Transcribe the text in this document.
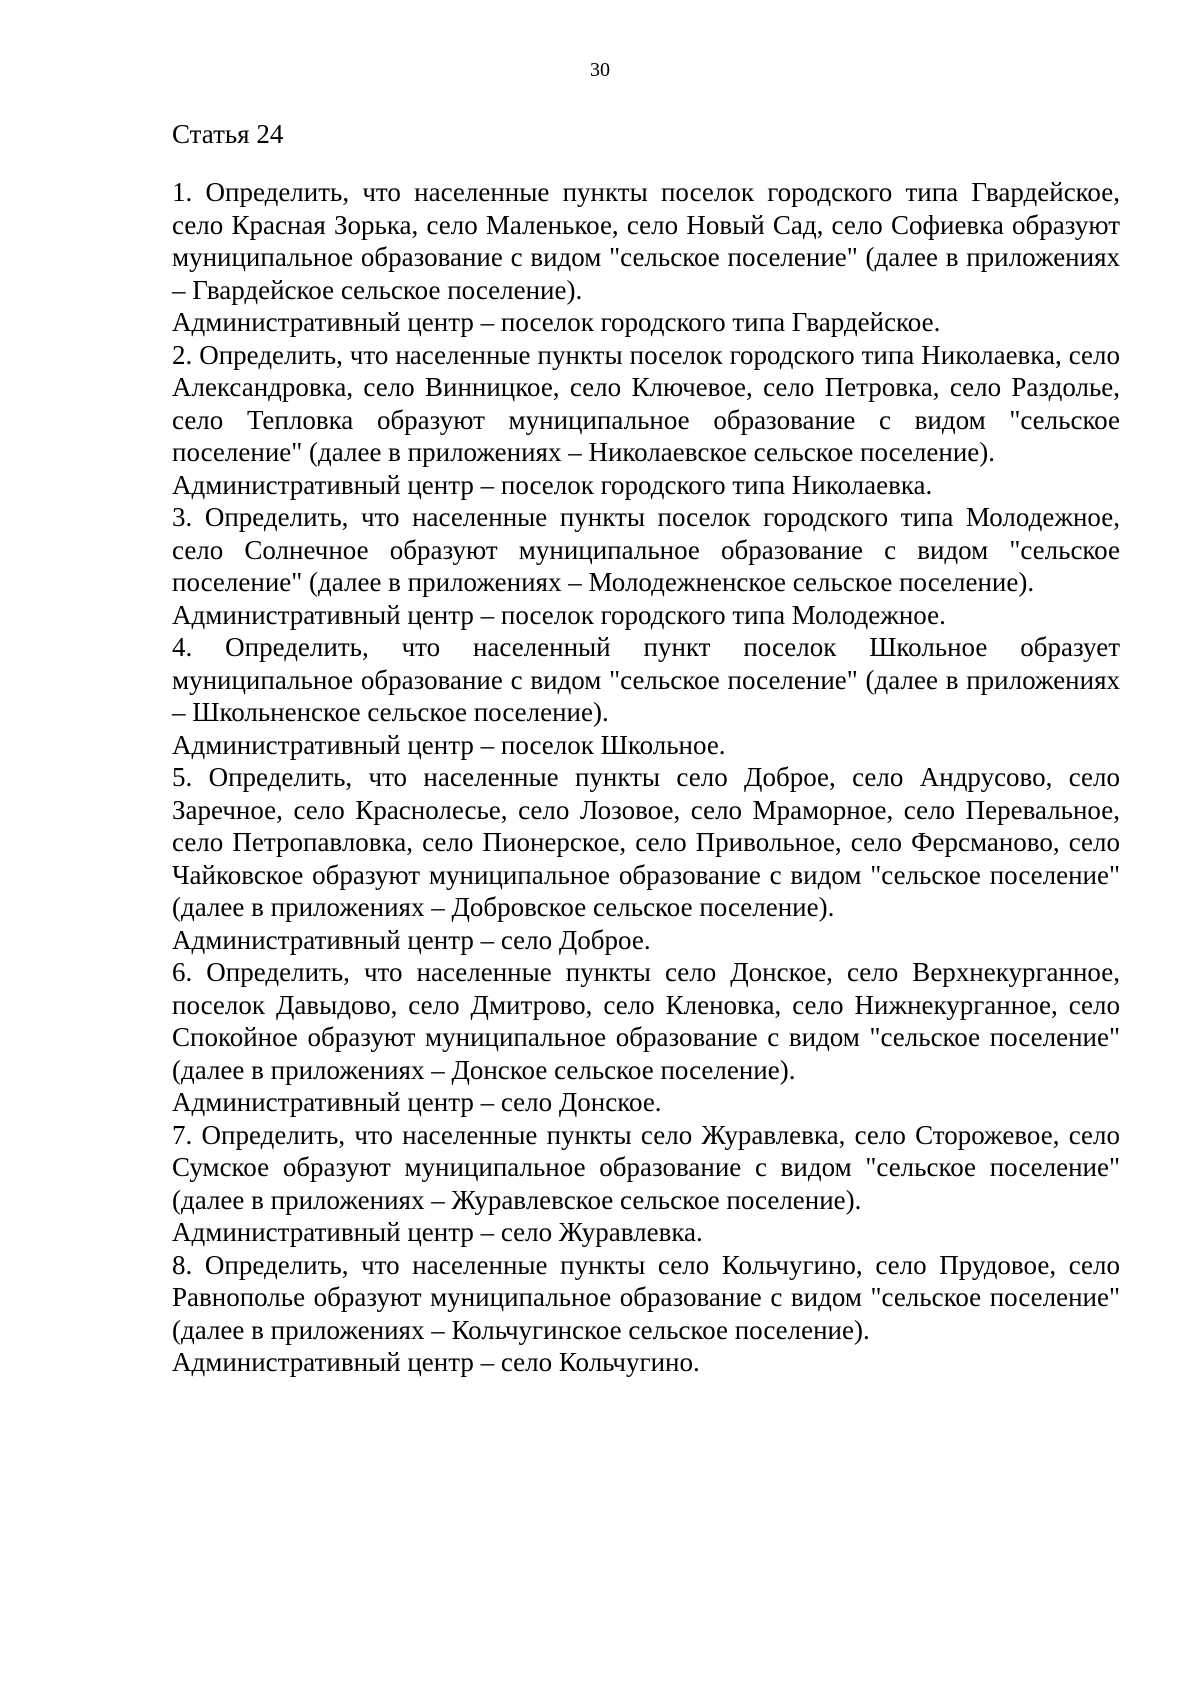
30
Статья 24

1. Определить, что населенные пункты поселок городского типа Гвардейское, село Красная Зорька, село Маленькое, село Новый Сад, село Софиевка образуют муниципальное образование с видом "сельское поселение" (далее в приложениях – Гвардейское сельское поселение).

Административный центр – поселок городского типа Гвардейское.

2. Определить, что населенные пункты поселок городского типа Николаевка, село Александровка, село Винницкое, село Ключевое, село Петровка, село Раздолье, село Тепловка образуют муниципальное образование с видом "сельское поселение" (далее в приложениях – Николаевское сельское поселение).

Административный центр – поселок городского типа Николаевка.

3. Определить, что населенные пункты поселок городского типа Молодежное, село Солнечное образуют муниципальное образование с видом "сельское поселение" (далее в приложениях – Молодежненское сельское поселение).

Административный центр – поселок городского типа Молодежное.

4. Определить, что населенный пункт поселок Школьное образует муниципальное образование с видом "сельское поселение" (далее в приложениях – Школьненское сельское поселение).

Административный центр – поселок Школьное.

5. Определить, что населенные пункты село Доброе, село Андрусово, село Заречное, село Краснолесье, село Лозовое, село Мраморное, село Перевальное, село Петропавловка, село Пионерское, село Привольное, село Ферсманово, село Чайковское образуют муниципальное образование с видом "сельское поселение" (далее в приложениях – Добровское сельское поселение).

Административный центр – село Доброе.

6. Определить, что населенные пункты село Донское, село Верхнекурганное, поселок Давыдово, село Дмитрово, село Кленовка, село Нижнекурганное, село Спокойное образуют муниципальное образование с видом "сельское поселение" (далее в приложениях – Донское сельское поселение).

Административный центр – село Донское.

7. Определить, что населенные пункты село Журавлевка, село Сторожевое, село Сумское образуют муниципальное образование с видом "сельское поселение" (далее в приложениях – Журавлевское сельское поселение).

Административный центр – село Журавлевка.

8. Определить, что населенные пункты село Кольчугино, село Прудовое, село Равнополье образуют муниципальное образование с видом "сельское поселение" (далее в приложениях – Кольчугинское сельское поселение).

Административный центр – село Кольчугино.
